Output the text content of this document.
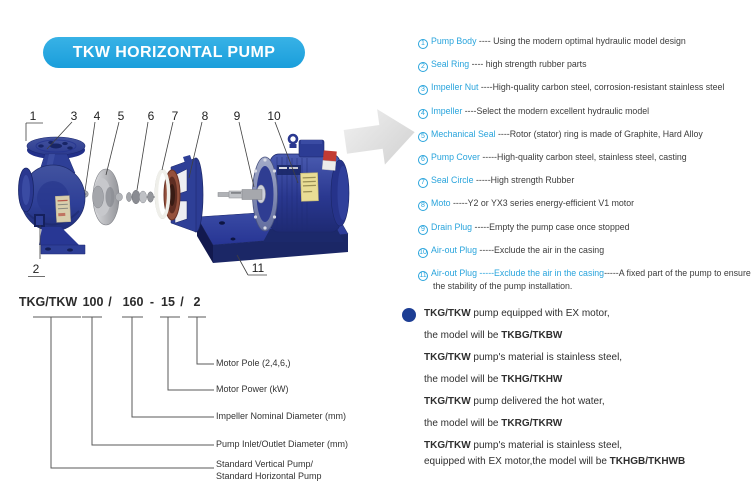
TKW HORIZONTAL PUMP
1
2
3 4 5 6 7 8 9 10
11
1 Pump Body ---- Using the modern optimal hydraulic model design
2 Seal Ring ---- high strength rubber parts
3 Impeller Nut ----High-quality carbon steel, corrosion-resistant stainless steel
4 Impeller ----Select the modern excellent hydraulic model
5 Mechanical Seal ----Rotor (stator) ring is made of Graphite, Hard Alloy
6 Pump Cover -----High-quality carbon steel, stainless steel, casting
7 Seal Circle -----High strength Rubber
8 Moto -----Y2 or YX3 series energy-efficient V1 motor
9 Drain Plug -----Empty the pump case once stopped
10 Air-out Plug -----Exclude the air in the casing
11 Air-out Plug -----Exclude the air in the casing-----A fixed part of the pump to ensure the stability of the pump installation.
TKG/TKW 100 / 160 - 15 / 2
Motor Pole (2,4,6,)
Motor Power (kW)
Impeller Nominal Diameter (mm)
Pump Inlet/Outlet Diameter (mm)
Standard Vertical Pump/
Standard Horizontal Pump
TKG/TKW pump equipped with EX motor,
the model will be TKBG/TKBW
TKG/TKW pump's material is stainless steel,
the model will be TKHG/TKHW
TKG/TKW pump delivered the hot water,
the model will be TKRG/TKRW
TKG/TKW pump's material is stainless steel,
equipped with EX motor,the model will be TKHGB/TKHWB
